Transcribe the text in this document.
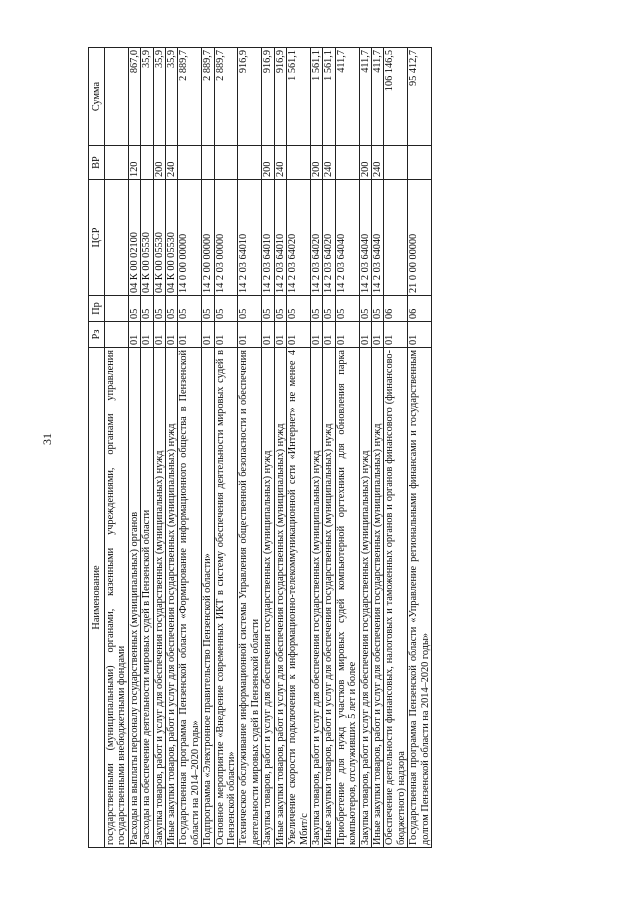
31
Наименование	Рз	Пр	ЦСР	ВР	Сумма
государственными (муниципальными) органами, казенными учреждениями, органами управления государственными внебюджетными фондами					
Расходы на выплаты персоналу государственных (муниципальных) органов	01	05	04 К 00 02100	120	867,0
Расходы на обеспечение деятельности мировых судей в Пензенской области	01	05	04 К 00 05530		35,9
Закупка товаров, работ и услуг для обеспечения государственных (муниципальных) нужд	01	05	04 К 00 05530	200	35,9
Иные закупки товаров, работ и услуг для обеспечения государственных (муниципальных) нужд	01	05	04 К 00 05530	240	35,9
Государственная программа Пензенской области «Формирование информационного общества в Пензенской области на 2014–2020 годы»	01	05	14 0 00 00000		2 889,7
Подпрограмма «Электронное правительство Пензенской области»	01	05	14 2 00 00000		2 889,7
Основное мероприятие «Внедрение современных ИКТ в систему обеспечения деятельности мировых судей в Пензенской области»	01	05	14 2 03 00000		2 889,7
Техническое обслуживание информационной системы Управления общественной безопасности и обеспечения деятельности мировых судей в Пензенской области	01	05	14 2 03 64010		916,9
Закупка товаров, работ и услуг для обеспечения государственных (муниципальных) нужд	01	05	14 2 03 64010	200	916,9
Иные закупки товаров, работ и услуг для обеспечения государственных (муниципальных) нужд	01	05	14 2 03 64010	240	916,9
Увеличение скорости подключения к информационно-телекоммуникационной сети «Интернет» не менее 4 Мбит/с	01	05	14 2 03 64020		1 561,1
Закупка товаров, работ и услуг для обеспечения государственных (муниципальных) нужд	01	05	14 2 03 64020	200	1 561,1
Иные закупки товаров, работ и услуг для обеспечения государственных (муниципальных) нужд	01	05	14 2 03 64020	240	1 561,1
Приобретение для нужд участков мировых судей компьютерной оргтехники для обновления парка компьютеров, отслуживших 5 лет и более	01	05	14 2 03 64040		411,7
Закупка товаров, работ и услуг для обеспечения государственных (муниципальных) нужд	01	05	14 2 03 64040	200	411,7
Иные закупки товаров, работ и услуг для обеспечения государственных (муниципальных) нужд	01	05	14 2 03 64040	240	411,7
Обеспечение деятельности финансовых, налоговых и таможенных органов и органов финансового (финансово-бюджетного) надзора	01	06			106 146,5
Государственная программа Пензенской области «Управление региональными финансами и государственным долгом Пензенской области на 2014–2020 годы»	01	06	21 0 00 00000		95 412,7
